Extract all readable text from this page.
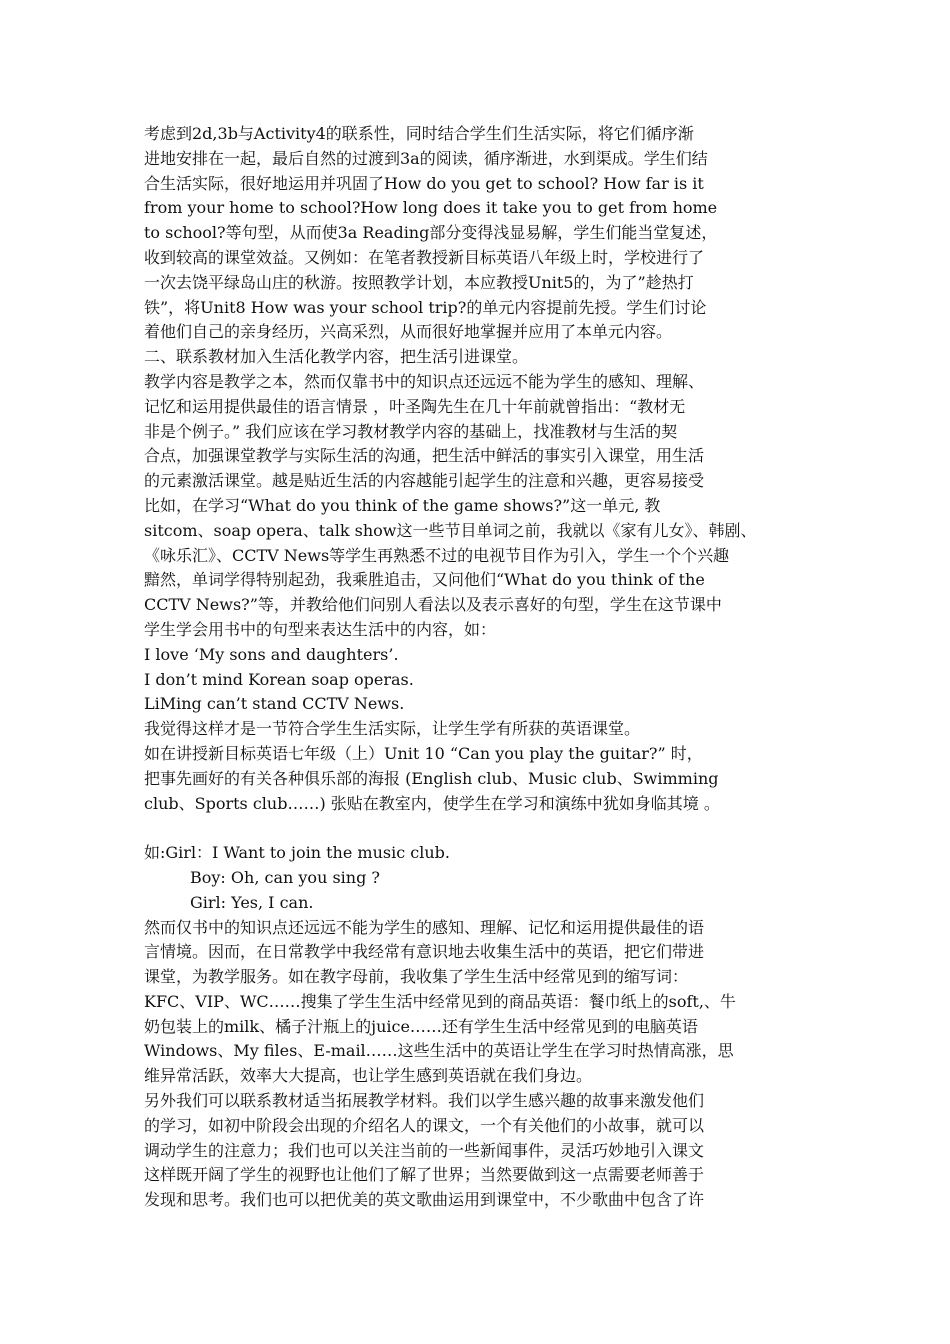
考虑到2d,3b与Activity4的联系性，同时结合学生们生活实际，将它们循序渐
进地安排在一起，最后自然的过渡到3a的阅读，循序渐进，水到渠成。学生们结
合生活实际，很好地运用并巩固了How do you get to school? How far is it
from your home to school?How long does it take you to get from home
to school?等句型，从而使3a Reading部分变得浅显易解，学生们能当堂复述，
收到较高的课堂效益。又例如：在笔者教授新目标英语八年级上时，学校进行了
一次去饶平绿岛山庄的秋游。按照教学计划，本应教授Unit5的，为了”趁热打
铁”，将Unit8 How was your school trip?的单元内容提前先授。学生们讨论
着他们自己的亲身经历，兴高采烈，从而很好地掌握并应用了本单元内容。
二、联系教材加入生活化教学内容，把生活引进课堂。
教学内容是教学之本，然而仅靠书中的知识点还远远不能为学生的感知、理解、
记忆和运用提供最佳的语言情景 ，叶圣陶先生在几十年前就曾指出：“教材无
非是个例子。” 我们应该在学习教材教学内容的基础上，找准教材与生活的契
合点，加强课堂教学与实际生活的沟通，把生活中鲜活的事实引入课堂，用生活
的元素激活课堂。越是贴近生活的内容越能引起学生的注意和兴趣，更容易接受
比如，在学习“What do you think of the game shows?”这一单元, 教
sitcom、soap opera、talk show这一些节目单词之前，我就以《家有儿女》、韩剧、
《咏乐汇》、CCTV News等学生再熟悉不过的电视节目作为引入，学生一个个兴趣
黯然，单词学得特别起劲，我乘胜追击，又问他们“What do you think of the
CCTV News?”等，并教给他们问别人看法以及表示喜好的句型，学生在这节课中
学生学会用书中的句型来表达生活中的内容，如：
I love ‘My sons and daughters’.
I don’t mind Korean soap operas.
LiMing can’t stand CCTV News.
我觉得这样才是一节符合学生生活实际，让学生学有所获的英语课堂。
如在讲授新目标英语七年级（上）Unit 10 “Can you play the guitar?” 时，
把事先画好的有关各种俱乐部的海报 (English club、Music club、Swimming
club、Sports club……) 张贴在教室内，使学生在学习和演练中犹如身临其境 。
如:Girl：I Want to join the music club.
Boy: Oh, can you sing ?
Girl: Yes, I can.
然而仅书中的知识点还远远不能为学生的感知、理解、记忆和运用提供最佳的语
言情境。因而，在日常教学中我经常有意识地去收集生活中的英语，把它们带进
课堂，为教学服务。如在教字母前，我收集了学生生活中经常见到的缩写词：
KFC、VIP、WC……搜集了学生生活中经常见到的商品英语：餐巾纸上的soft,、牛
奶包装上的milk、橘子汁瓶上的juice……还有学生生活中经常见到的电脑英语
Windows、My files、E-mail……这些生活中的英语让学生在学习时热情高涨，思
维异常活跃，效率大大提高，也让学生感到英语就在我们身边。
另外我们可以联系教材适当拓展教学材料。我们以学生感兴趣的故事来激发他们
的学习，如初中阶段会出现的介绍名人的课文，一个有关他们的小故事，就可以
调动学生的注意力；我们也可以关注当前的一些新闻事件，灵活巧妙地引入课文
这样既开阔了学生的视野也让他们了解了世界；当然要做到这一点需要老师善于
发现和思考。我们也可以把优美的英文歌曲运用到课堂中，不少歌曲中包含了许
